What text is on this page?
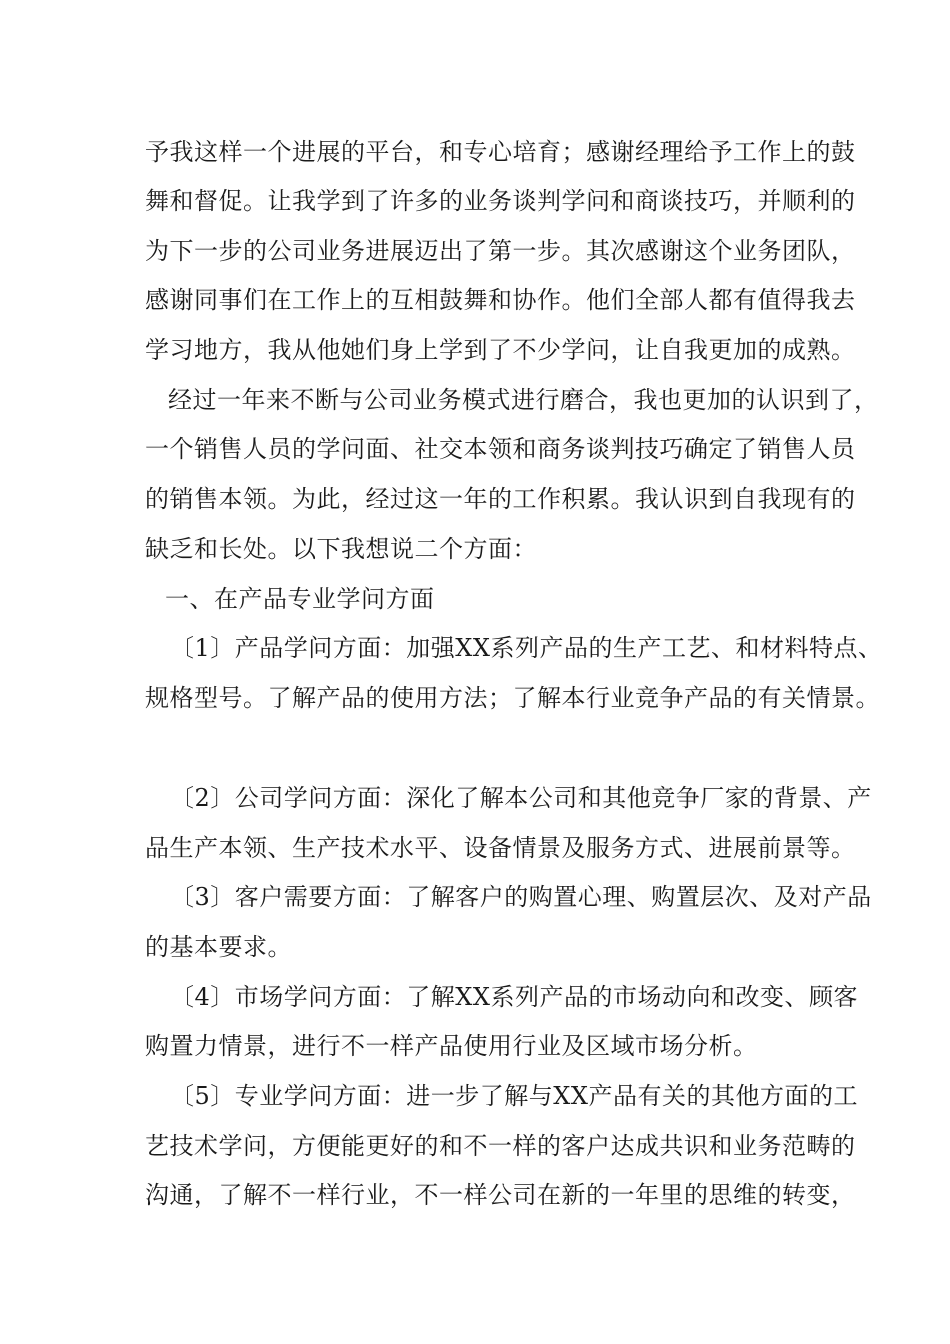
予我这样一个进展的平台，和专心培育；感谢经理给予工作上的鼓
舞和督促。让我学到了许多的业务谈判学问和商谈技巧，并顺利的
为下一步的公司业务进展迈出了第一步。其次感谢这个业务团队，
感谢同事们在工作上的互相鼓舞和协作。他们全部人都有值得我去
学习地方，我从他她们身上学到了不少学问，让自我更加的成熟。
经过一年来不断与公司业务模式进行磨合，我也更加的认识到了，
一个销售人员的学问面、社交本领和商务谈判技巧确定了销售人员
的销售本领。为此，经过这一年的工作积累。我认识到自我现有的
缺乏和长处。以下我想说二个方面：
一、在产品专业学问方面
〔1〕产品学问方面：加强XX系列产品的生产工艺、和材料特点、
规格型号。了解产品的使用方法；了解本行业竞争产品的有关情景。
〔2〕公司学问方面：深化了解本公司和其他竞争厂家的背景、产
品生产本领、生产技术水平、设备情景及服务方式、进展前景等。
〔3〕客户需要方面：了解客户的购置心理、购置层次、及对产品
的基本要求。
〔4〕市场学问方面：了解XX系列产品的市场动向和改变、顾客
购置力情景，进行不一样产品使用行业及区域市场分析。
〔5〕专业学问方面：进一步了解与XX产品有关的其他方面的工
艺技术学问，方便能更好的和不一样的客户达成共识和业务范畴的
沟通，了解不一样行业，不一样公司在新的一年里的思维的转变，
